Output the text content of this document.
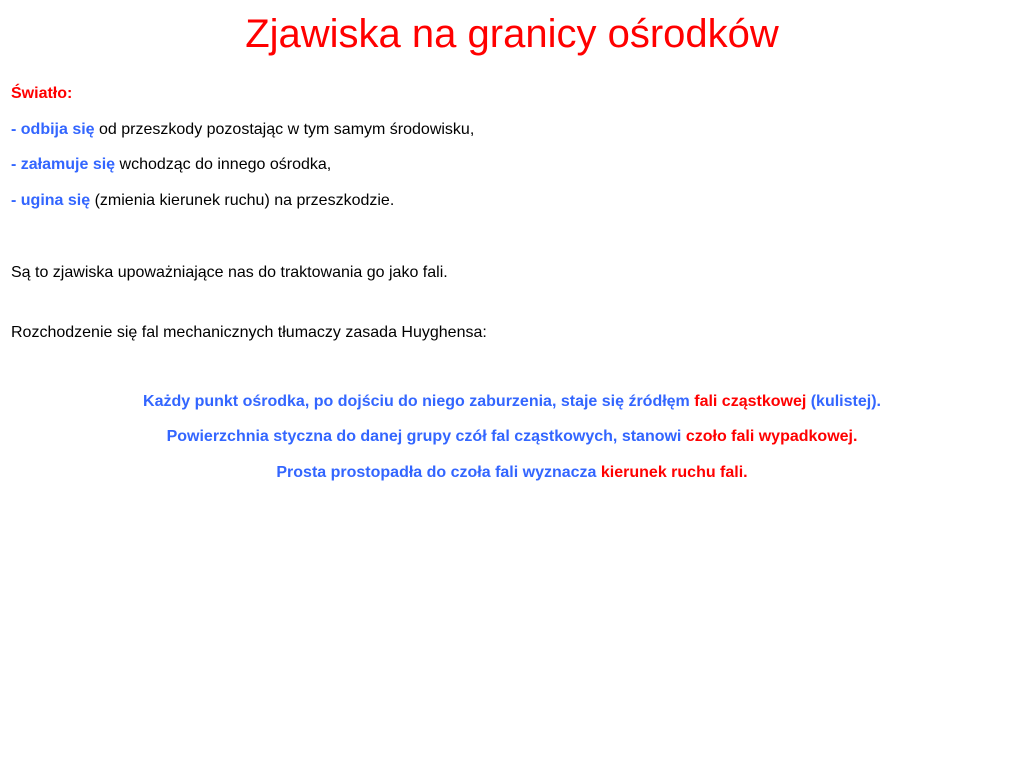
Zjawiska na granicy ośrodków
Światło:
- odbija się od przeszkody pozostając w tym samym środowisku,
- załamuje się wchodząc do innego ośrodka,
- ugina się (zmienia kierunek ruchu) na przeszkodzie.
Są to zjawiska upoważniające nas do traktowania go jako fali.
Rozchodzenie się fal mechanicznych tłumaczy zasada Huyghensa:
Każdy punkt ośrodka, po dojściu do niego zaburzenia, staje się źródłęm fali cząstkowej (kulistej).
Powierzchnia styczna do danej grupy czół fal cząstkowych, stanowi czoło fali wypadkowej.
Prosta prostopadła do czoła fali wyznacza kierunek ruchu fali.
